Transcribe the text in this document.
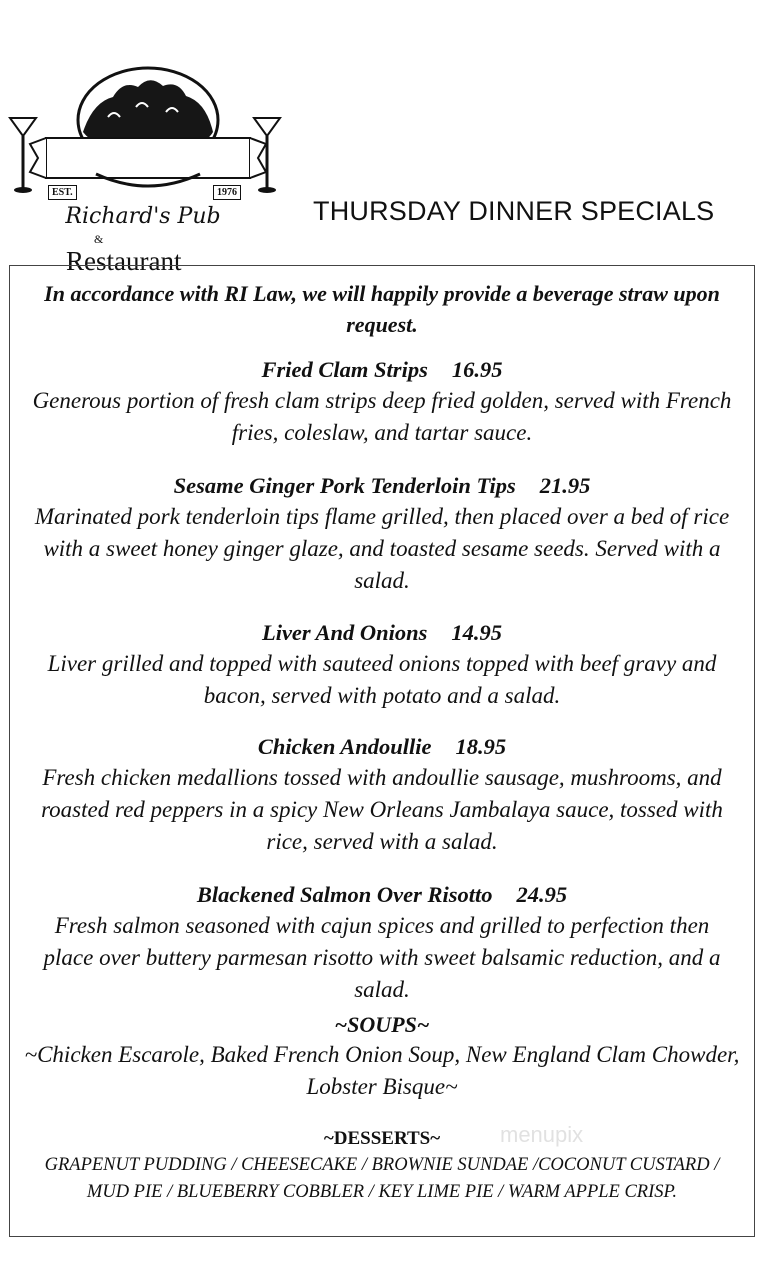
EST.	1976
Richard's Pub
&
Restaurant
THURSDAY DINNER SPECIALS
In accordance with RI Law, we will happily provide a beverage straw upon request.
Fried Clam Strips 16.95
Generous portion of fresh clam strips deep fried golden, served with French fries, coleslaw, and tartar sauce.
Sesame Ginger Pork Tenderloin Tips 21.95
Marinated pork tenderloin tips flame grilled, then placed over a bed of rice with a sweet honey ginger glaze, and toasted sesame seeds. Served with a salad.
Liver And Onions 14.95
Liver grilled and topped with sauteed onions topped with beef gravy and bacon, served with potato and a salad.
Chicken Andoullie 18.95
Fresh chicken medallions tossed with andoullie sausage, mushrooms, and roasted red peppers in a spicy New Orleans Jambalaya sauce, tossed with rice, served with a salad.
Blackened Salmon Over Risotto 24.95
Fresh salmon seasoned with cajun spices and grilled to perfection then place over buttery parmesan risotto with sweet balsamic reduction, and a salad.
~SOUPS~
~Chicken Escarole, Baked French Onion Soup, New England Clam Chowder, Lobster Bisque~
~DESSERTS~
GRAPENUT PUDDING / CHEESECAKE / BROWNIE SUNDAE /COCONUT CUSTARD / MUD PIE / BLUEBERRY COBBLER / KEY LIME PIE / WARM APPLE CRISP.
menupix
